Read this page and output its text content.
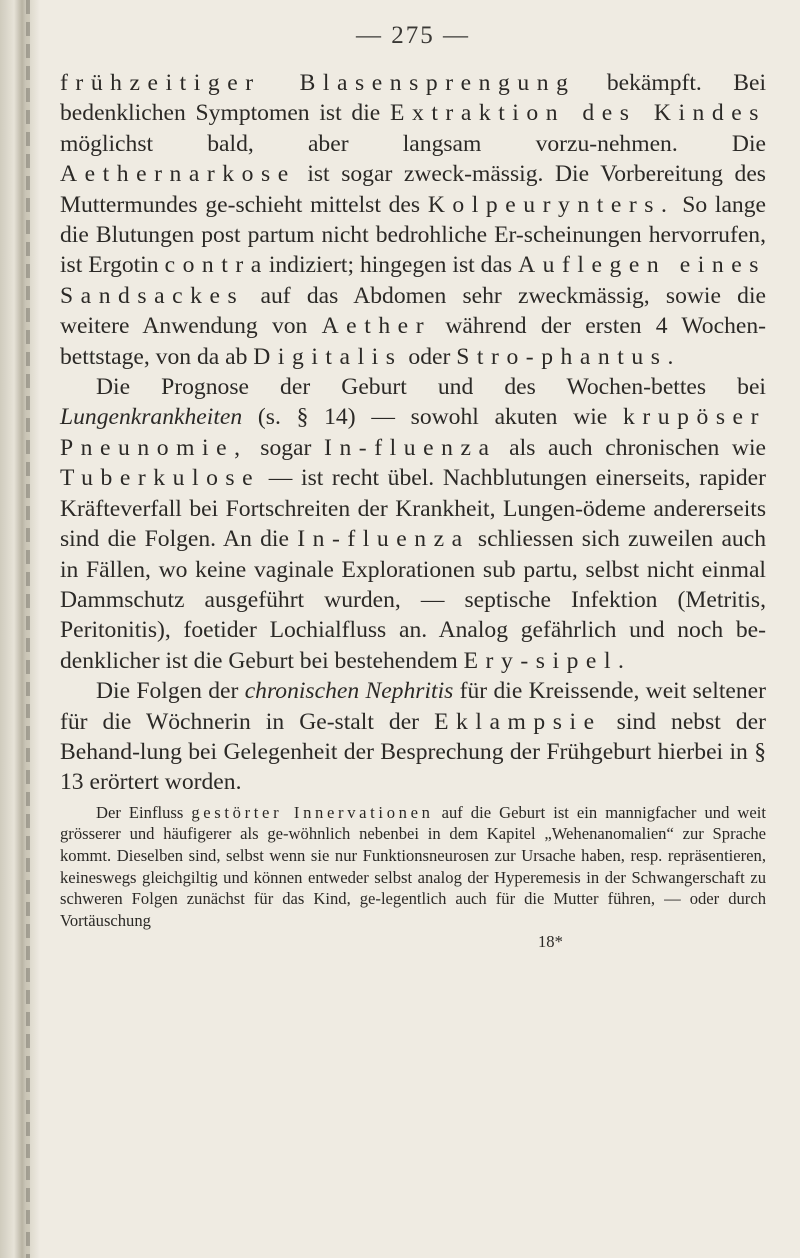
— 275 —

frühzeitiger Blasensprengung bekämpft. Bei bedenklichen Symptomen ist die Extraktion des Kindes möglichst bald, aber langsam vorzu-nehmen. Die Aethernarkose ist sogar zweck-mässig. Die Vorbereitung des Muttermundes ge-schieht mittelst des Kolpeurynters. So lange die Blutungen post partum nicht bedrohliche Er-scheinungen hervorrufen, ist Ergotin contraindiziert; hingegen ist das Auflegen eines Sandsackes auf das Abdomen sehr zweckmässig, sowie die weitere Anwendung von Aether während der ersten 4 Wochen-bettstage, von da ab Digitalis oder Stro-phantus.

Die Prognose der Geburt und des Wochen-bettes bei Lungenkrankheiten (s. § 14) — sowohl akuten wie krupöser Pneunomie, sogar In-fluenza als auch chronischen wie Tuberkulose — ist recht übel. Nachblutungen einerseits, rapider Kräfteverfall bei Fortschreiten der Krankheit, Lungen-ödeme andererseits sind die Folgen. An die In-fluenza schliessen sich zuweilen auch in Fällen, wo keine vaginale Explorationen sub partu, selbst nicht einmal Dammschutz ausgeführt wurden, — septische Infektion (Metritis, Peritonitis), foetider Lochialfluss an. Analog gefährlich und noch be-denklicher ist die Geburt bei bestehendem Ery-sipel.

Die Folgen der chronischen Nephritis für die Kreissende, weit seltener für die Wöchnerin in Ge-stalt der Eklampsie sind nebst der Behand-lung bei Gelegenheit der Besprechung der Frühgeburt hierbei in § 13 erörtert worden.

Der Einfluss gestörter Innervationen auf die Geburt ist ein mannigfacher und weit grösserer und häufigerer als ge-wöhnlich nebenbei in dem Kapitel „Wehenanomalien“ zur Sprache kommt. Dieselben sind, selbst wenn sie nur Funktionsneurosen zur Ursache haben, resp. repräsentieren, keineswegs gleichgiltig und können entweder selbst analog der Hyperemesis in der Schwangerschaft zu schweren Folgen zunächst für das Kind, ge-legentlich auch für die Mutter führen, — oder durch Vortäuschung

18*
